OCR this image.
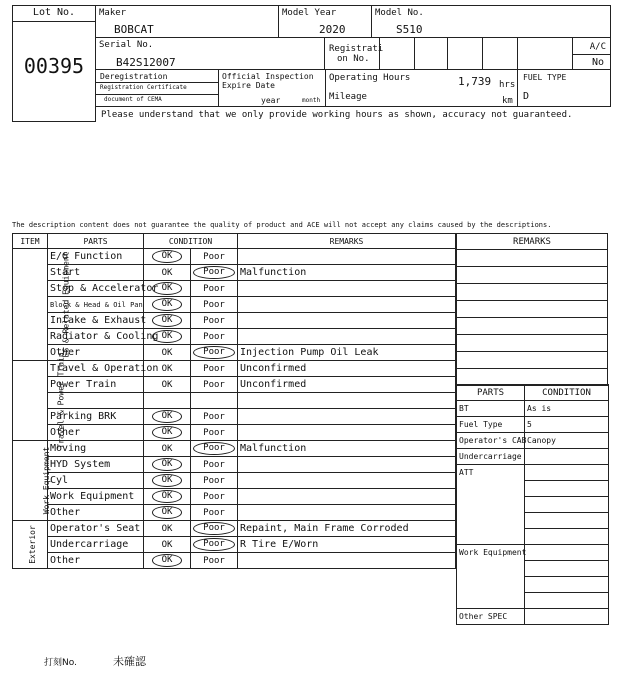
Lot No.
00395
Maker
BOBCAT
Model Year
2020
Model No.
S510
Serial No.
B42S12007
Registrati
on No.
A/C
No
Deregistration
Registration Certificate
document of CEMA
Official Inspection
Expire Date
year	month
Operating Hours	1,739 hrs
Mileage	km
FUEL TYPE
D
Please understand that we only provide working hours as shown, accuracy not guaranteed.
The description content does not guarantee the quality of product and ACE will not accept any claims caused by the descriptions.
ITEM	PARTS	CONDITION		REMARKS
EG & Related Equipment	E/G Function	OK	Poor	
	Start	OK	Poor	Malfunction
	Stop & Accelerator	OK	Poor	
	Block & Head & Oil Pan	OK	Poor	
	Intake & Exhaust	OK	Poor	
	Radiator & Cooling	OK	Poor	
	Other	OK	Poor	Injection Pump Oil Leak
Travel & Power Train	Travel & Operation	OK	Poor	Unconfirmed
	Power Train	OK	Poor	Unconfirmed

	Parking BRK	OK	Poor	
	Other	OK	Poor	
Work Equipment	Moving	OK	Poor	Malfunction
	HYD System	OK	Poor	
	Cyl	OK	Poor	
	Work Equipment	OK	Poor	
	Other	OK	Poor	
Exterior	Operator's Seat	OK	Poor	Repaint, Main Frame Corroded
	Undercarriage	OK	Poor	R Tire E/Worn
	Other	OK	Poor	
REMARKS

PARTS	CONDITION
BT	As is
Fuel Type	5
Operator's CAB	Canopy
Undercarriage	
ATT	

Work Equipment	

Other SPEC	
打刻No.	未確認
